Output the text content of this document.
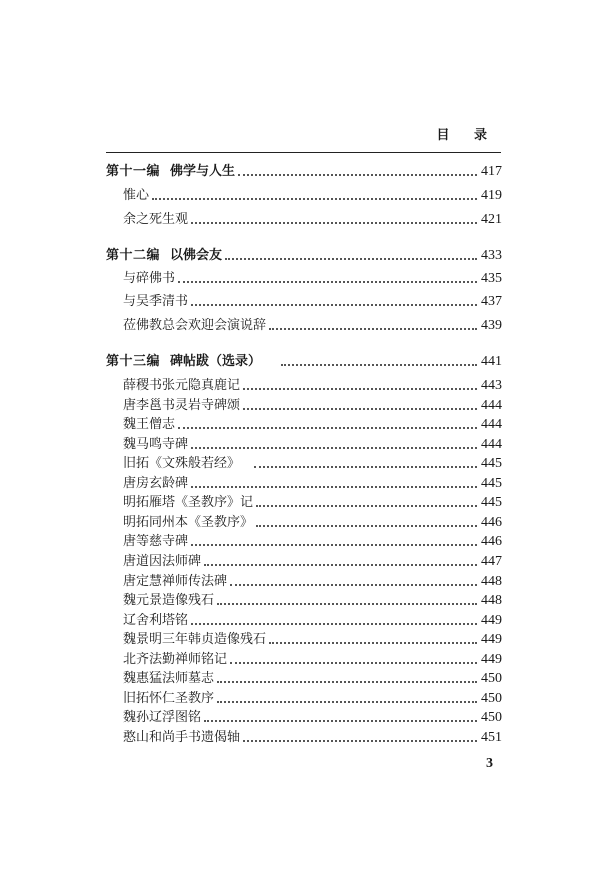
目 录
第十一编 佛学与人生	417
惟心	419
余之死生观	421
第十二编 以佛会友	433
与碎佛书	435
与吴季清书	437
莅佛教总会欢迎会演说辞	439
第十三编 碑帖跋（选录）	441
薛稷书张元隐真鹿记	443
唐李邕书灵岩寺碑颂	444
魏王僧志	444
魏马鸣寺碑	444
旧拓《文殊般若经》	445
唐房玄龄碑	445
明拓雁塔《圣教序》记	445
明拓同州本《圣教序》	446
唐等慈寺碑	446
唐道因法师碑	447
唐定慧禅师传法碑	448
魏元景造像残石	448
辽舍利塔铭	449
魏景明三年韩贞造像残石	449
北齐法勤禅师铭记	449
魏惠猛法师墓志	450
旧拓怀仁圣教序	450
魏孙辽浮图铭	450
憨山和尚手书遗偈轴	451
3
